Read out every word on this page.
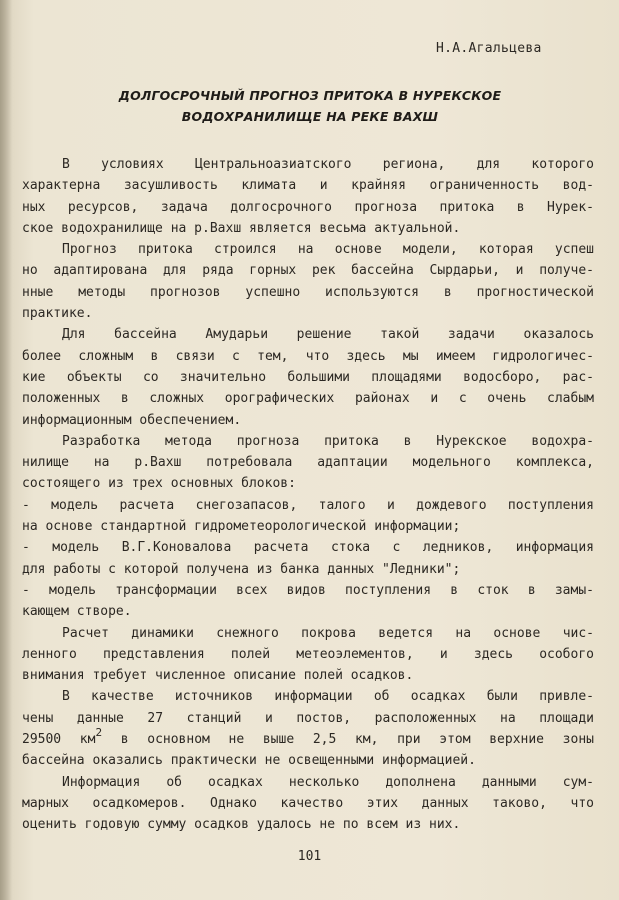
Н.А.Агальцева
ДОЛГОСРОЧНЫЙ ПРОГНОЗ ПРИТОКА В НУРЕКСКОЕ
ВОДОХРАНИЛИЩЕ НА РЕКЕ ВАХШ
В условиях Центральноазиатского региона, для которого
характерна засушливость климата и крайняя ограниченность вод-
ных ресурсов, задача долгосрочного прогноза притока в Нурек-
ское водохранилище на р.Вахш является весьма актуальной.
Прогноз притока строился на основе модели, которая успеш
но адаптирована для ряда горных рек бассейна Сырдарьи, и получе-
нные методы прогнозов успешно используются в прогностической
практике.
Для бассейна Амударьи решение такой задачи оказалось
более сложным в связи с тем, что здесь мы имеем гидрологичес-
кие объекты со значительно большими площадями водосборо, рас-
положенных в сложных орографических районах и с очень слабым
информационным обеспечением.
Разработка метода прогноза притока в Нурекское водохра-
нилище на р.Вахш потребовала адаптации модельного комплекса,
состоящего из трех основных блоков:
- модель расчета снегозапасов, талого и дождевого поступления
на основе стандартной гидрометеорологической информации;
- модель В.Г.Коновалова расчета стока с ледников, информация
для работы с которой получена из банка данных "Ледники";
- модель трансформации всех видов поступления в сток в замы-
кающем створе.
Расчет динамики снежного покрова ведется на основе чис-
ленного представления полей метеоэлементов, и здесь особого
внимания требует численное описание полей осадков.
В качестве источников информации об осадках были привле-
чены данные 27 станций и постов, расположенных на площади
29500 $км^2$ в основном не выше 2,5 км, при этом верхние зоны
бассейна оказались практически не освещенными информацией.
Информация об осадках несколько дополнена данными сум-
марных осадкомеров. Однако качество этих данных таково, что
оценить годовую сумму осадков удалось не по всем из них.
101
